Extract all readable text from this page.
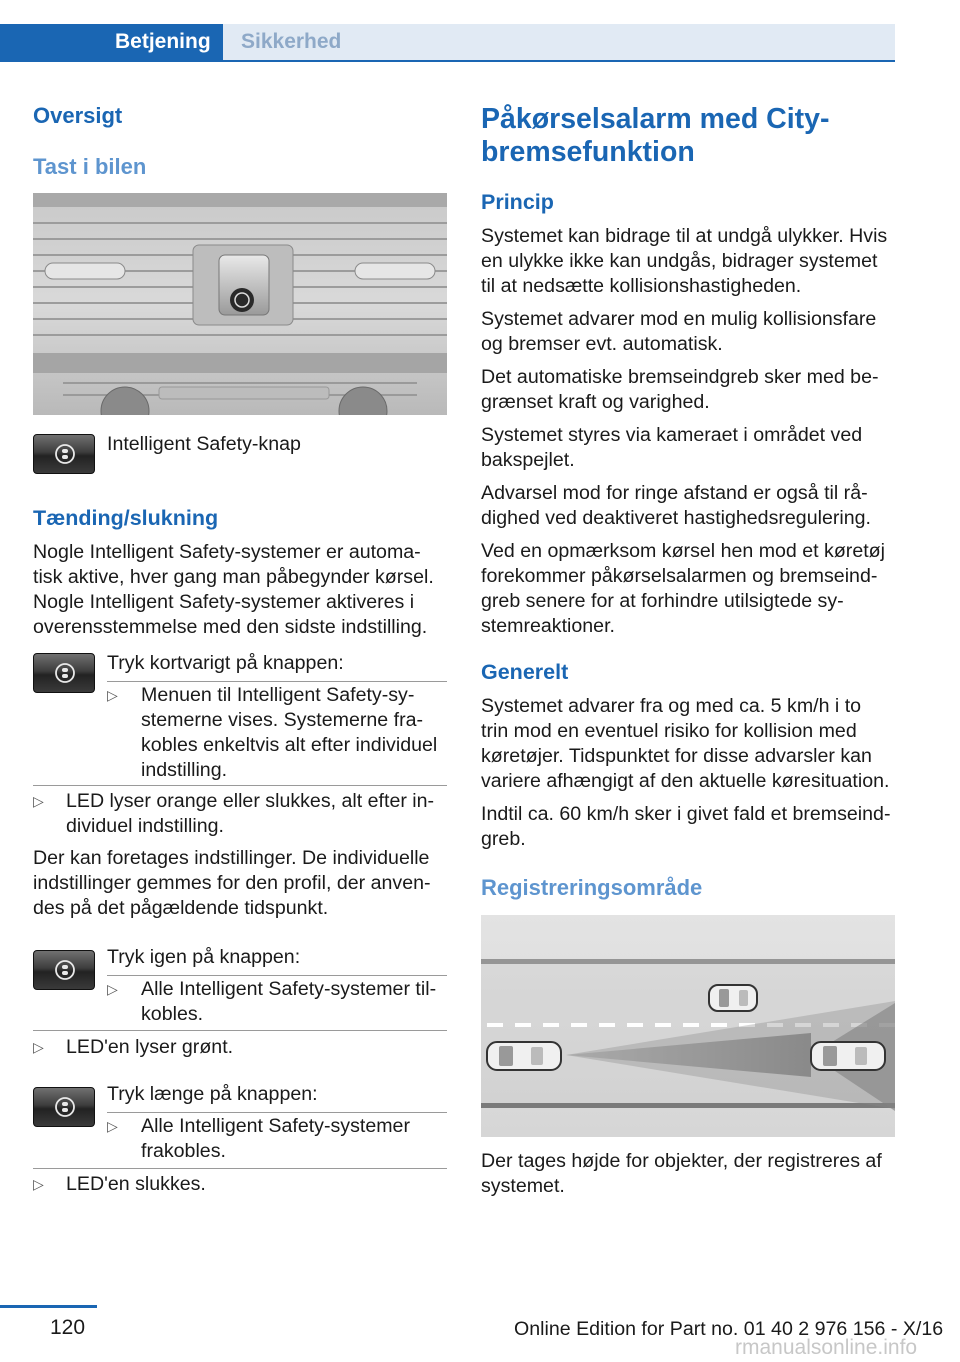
Betjening	Sikkerhed
Oversigt
Tast i bilen
Intelligent Safety-knap
Tænding/slukning
Nogle Intelligent Safety-systemer er automa‐
tisk aktive, hver gang man påbegynder kørsel.
Nogle Intelligent Safety-systemer aktiveres i
overensstemmelse med den sidste indstilling.
Tryk kortvarigt på knappen:
▷ Menuen til Intelligent Safety-sy‐
stemerne vises. Systemerne fra‐
kobles enkeltvis alt efter individuel
indstilling.
▷ LED lyser orange eller slukkes, alt efter in‐
dividuel indstilling.
Der kan foretages indstillinger. De individuelle
indstillinger gemmes for den profil, der anven‐
des på det pågældende tidspunkt.
Tryk igen på knappen:
▷ Alle Intelligent Safety-systemer til‐
kobles.
▷ LED'en lyser grønt.
Tryk længe på knappen:
▷ Alle Intelligent Safety-systemer
frakobles.
▷ LED'en slukkes.
Påkørselsalarm med City-
bremsefunktion
Princip
Systemet kan bidrage til at undgå ulykker. Hvis
en ulykke ikke kan undgås, bidrager systemet
til at nedsætte kollisionshastigheden.
Systemet advarer mod en mulig kollisionsfare
og bremser evt. automatisk.
Det automatiske bremseindgreb sker med be‐
grænset kraft og varighed.
Systemet styres via kameraet i området ved
bakspejlet.
Advarsel mod for ringe afstand er også til rå‐
dighed ved deaktiveret hastighedsregulering.
Ved en opmærksom kørsel hen mod et køretøj
forekommer påkørselsalarmen og bremseind‐
greb senere for at forhindre utilsigtede sy‐
stemreaktioner.
Generelt
Systemet advarer fra og med ca. 5 km/h i to
trin mod en eventuel risiko for kollision med
køretøjer. Tidspunktet for disse advarsler kan
variere afhængigt af den aktuelle køresituation.
Indtil ca. 60 km/h sker i givet fald et bremseind‐
greb.
Registreringsområde
Der tages højde for objekter, der registreres af
systemet.
120	Online Edition for Part no. 01 40 2 976 156 - X/16
rmanualsonline.info
